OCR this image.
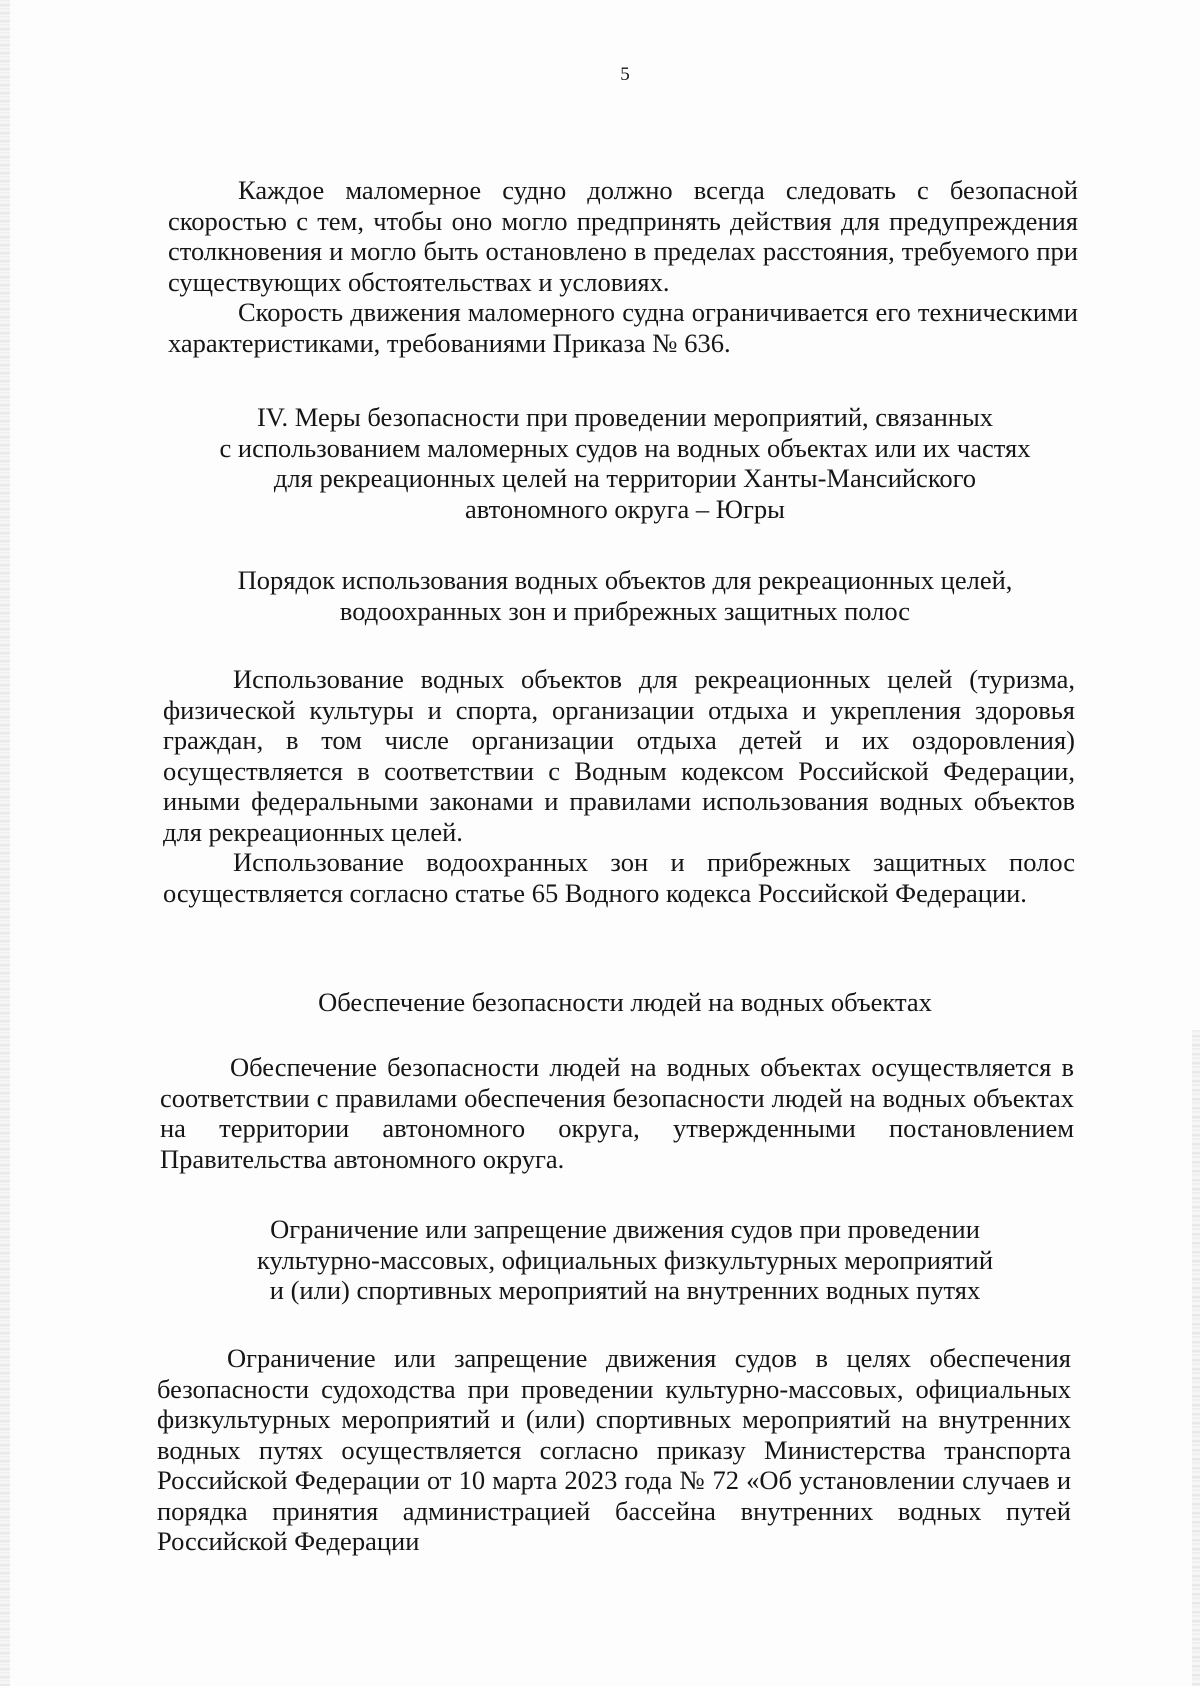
5

Каждое маломерное судно должно всегда следовать с безопасной скоростью с тем, чтобы оно могло предпринять действия для предупреждения столкновения и могло быть остановлено в пределах расстояния, требуемого при существующих обстоятельствах и условиях.

Скорость движения маломерного судна ограничивается его техническими характеристиками, требованиями Приказа № 636.

IV. Меры безопасности при проведении мероприятий, связанных
с использованием маломерных судов на водных объектах или их частях
для рекреационных целей на территории Ханты-Мансийского
автономного округа – Югры
Порядок использования водных объектов для рекреационных целей,
водоохранных зон и прибрежных защитных полос

Использование водных объектов для рекреационных целей (туризма, физической культуры и спорта, организации отдыха и укрепления здоровья граждан, в том числе организации отдыха детей и их оздоровления) осуществляется в соответствии с Водным кодексом Российской Федерации, иными федеральными законами и правилами использования водных объектов для рекреационных целей.

Использование водоохранных зон и прибрежных защитных полос осуществляется согласно статье 65 Водного кодекса Российской Федерации.

Обеспечение безопасности людей на водных объектах

Обеспечение безопасности людей на водных объектах осуществляется в соответствии с правилами обеспечения безопасности людей на водных объектах на территории автономного округа, утвержденными постановлением Правительства автономного округа.

Ограничение или запрещение движения судов при проведении
культурно-массовых, официальных физкультурных мероприятий
и (или) спортивных мероприятий на внутренних водных путях

Ограничение или запрещение движения судов в целях обеспечения безопасности судоходства при проведении культурно-массовых, официальных физкультурных мероприятий и (или) спортивных мероприятий на внутренних водных путях осуществляется согласно приказу Министерства транспорта Российской Федерации от 10 марта 2023 года № 72 «Об установлении случаев и порядка принятия администрацией бассейна внутренних водных путей Российской Федерации
